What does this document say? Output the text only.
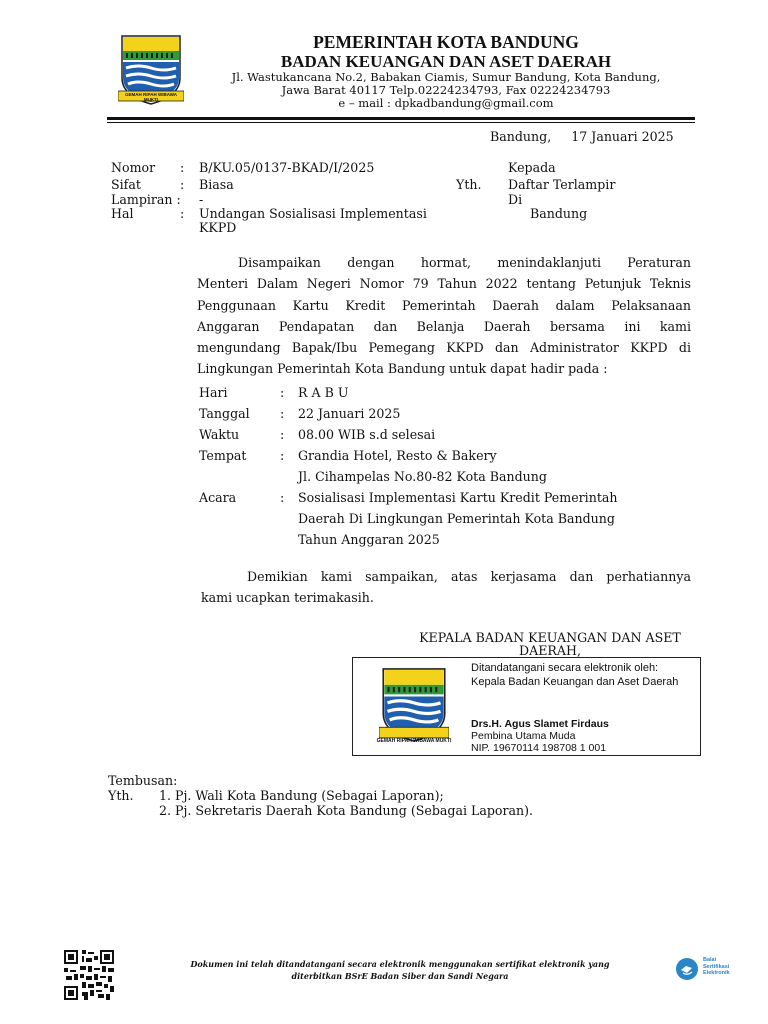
GEMAH RIPAH WIBAWA MUKTI
PEMERINTAH KOTA BANDUNG
BADAN KEUANGAN DAN ASET DAERAH
Jl. Wastukancana No.2, Babakan Ciamis, Sumur Bandung, Kota Bandung,
Jawa Barat 40117 Telp.02224234793, Fax 02224234793
e – mail : dpkadbandung@gmail.com
Bandung,     17 Januari 2025
Nomor : B/KU.05/0137-BKAD/I/2025
Sifat	: Biasa
Lampiran : -
Hal	: Undangan Sosialisasi Implementasi
KKPD
Kepada
Yth. Daftar Terlampir
Di
Bandung

Disampaikan dengan hormat, menindaklanjuti Peraturan

Menteri Dalam Negeri Nomor 79 Tahun 2022 tentang Petunjuk Teknis

Penggunaan Kartu Kredit Pemerintah Daerah dalam Pelaksanaan

Anggaran Pendapatan dan Belanja Daerah bersama ini kami

mengundang Bapak/Ibu Pemegang KKPD dan Administrator KKPD di

Lingkungan Pemerintah Kota Bandung untuk dapat hadir pada :

Hari	: R A B U
Tanggal : 22 Januari 2025
Waktu	: 08.00 WIB s.d selesai
Tempat	: Grandia Hotel, Resto & Bakery
Jl. Cihampelas No.80-82 Kota Bandung
Acara	: Sosialisasi Implementasi Kartu Kredit Pemerintah
Daerah Di Lingkungan Pemerintah Kota Bandung
Tahun Anggaran 2025

Demikian kami sampaikan, atas kerjasama dan perhatiannya

kami ucapkan terimakasih.

KEPALA BADAN KEUANGAN DAN ASET
DAERAH,
GEMAH RIPAH WIBAWA MUKTI
Ditandatangani secara elektronik oleh:
Kepala Badan Keuangan dan Aset Daerah
Drs.H. Agus Slamet Firdaus
Pembina Utama Muda
NIP. 19670114 198708 1 001
Tembusan:
Yth. 1. Pj. Wali Kota Bandung (Sebagai Laporan);
2. Pj. Sekretaris Daerah Kota Bandung (Sebagai Laporan).
Dokumen ini telah ditandatangani secara elektronik menggunakan sertifikat elektronik yang
diterbitkan BSrE Badan Siber dan Sandi Negara
Balai
Sertifikasi
Elektronik
